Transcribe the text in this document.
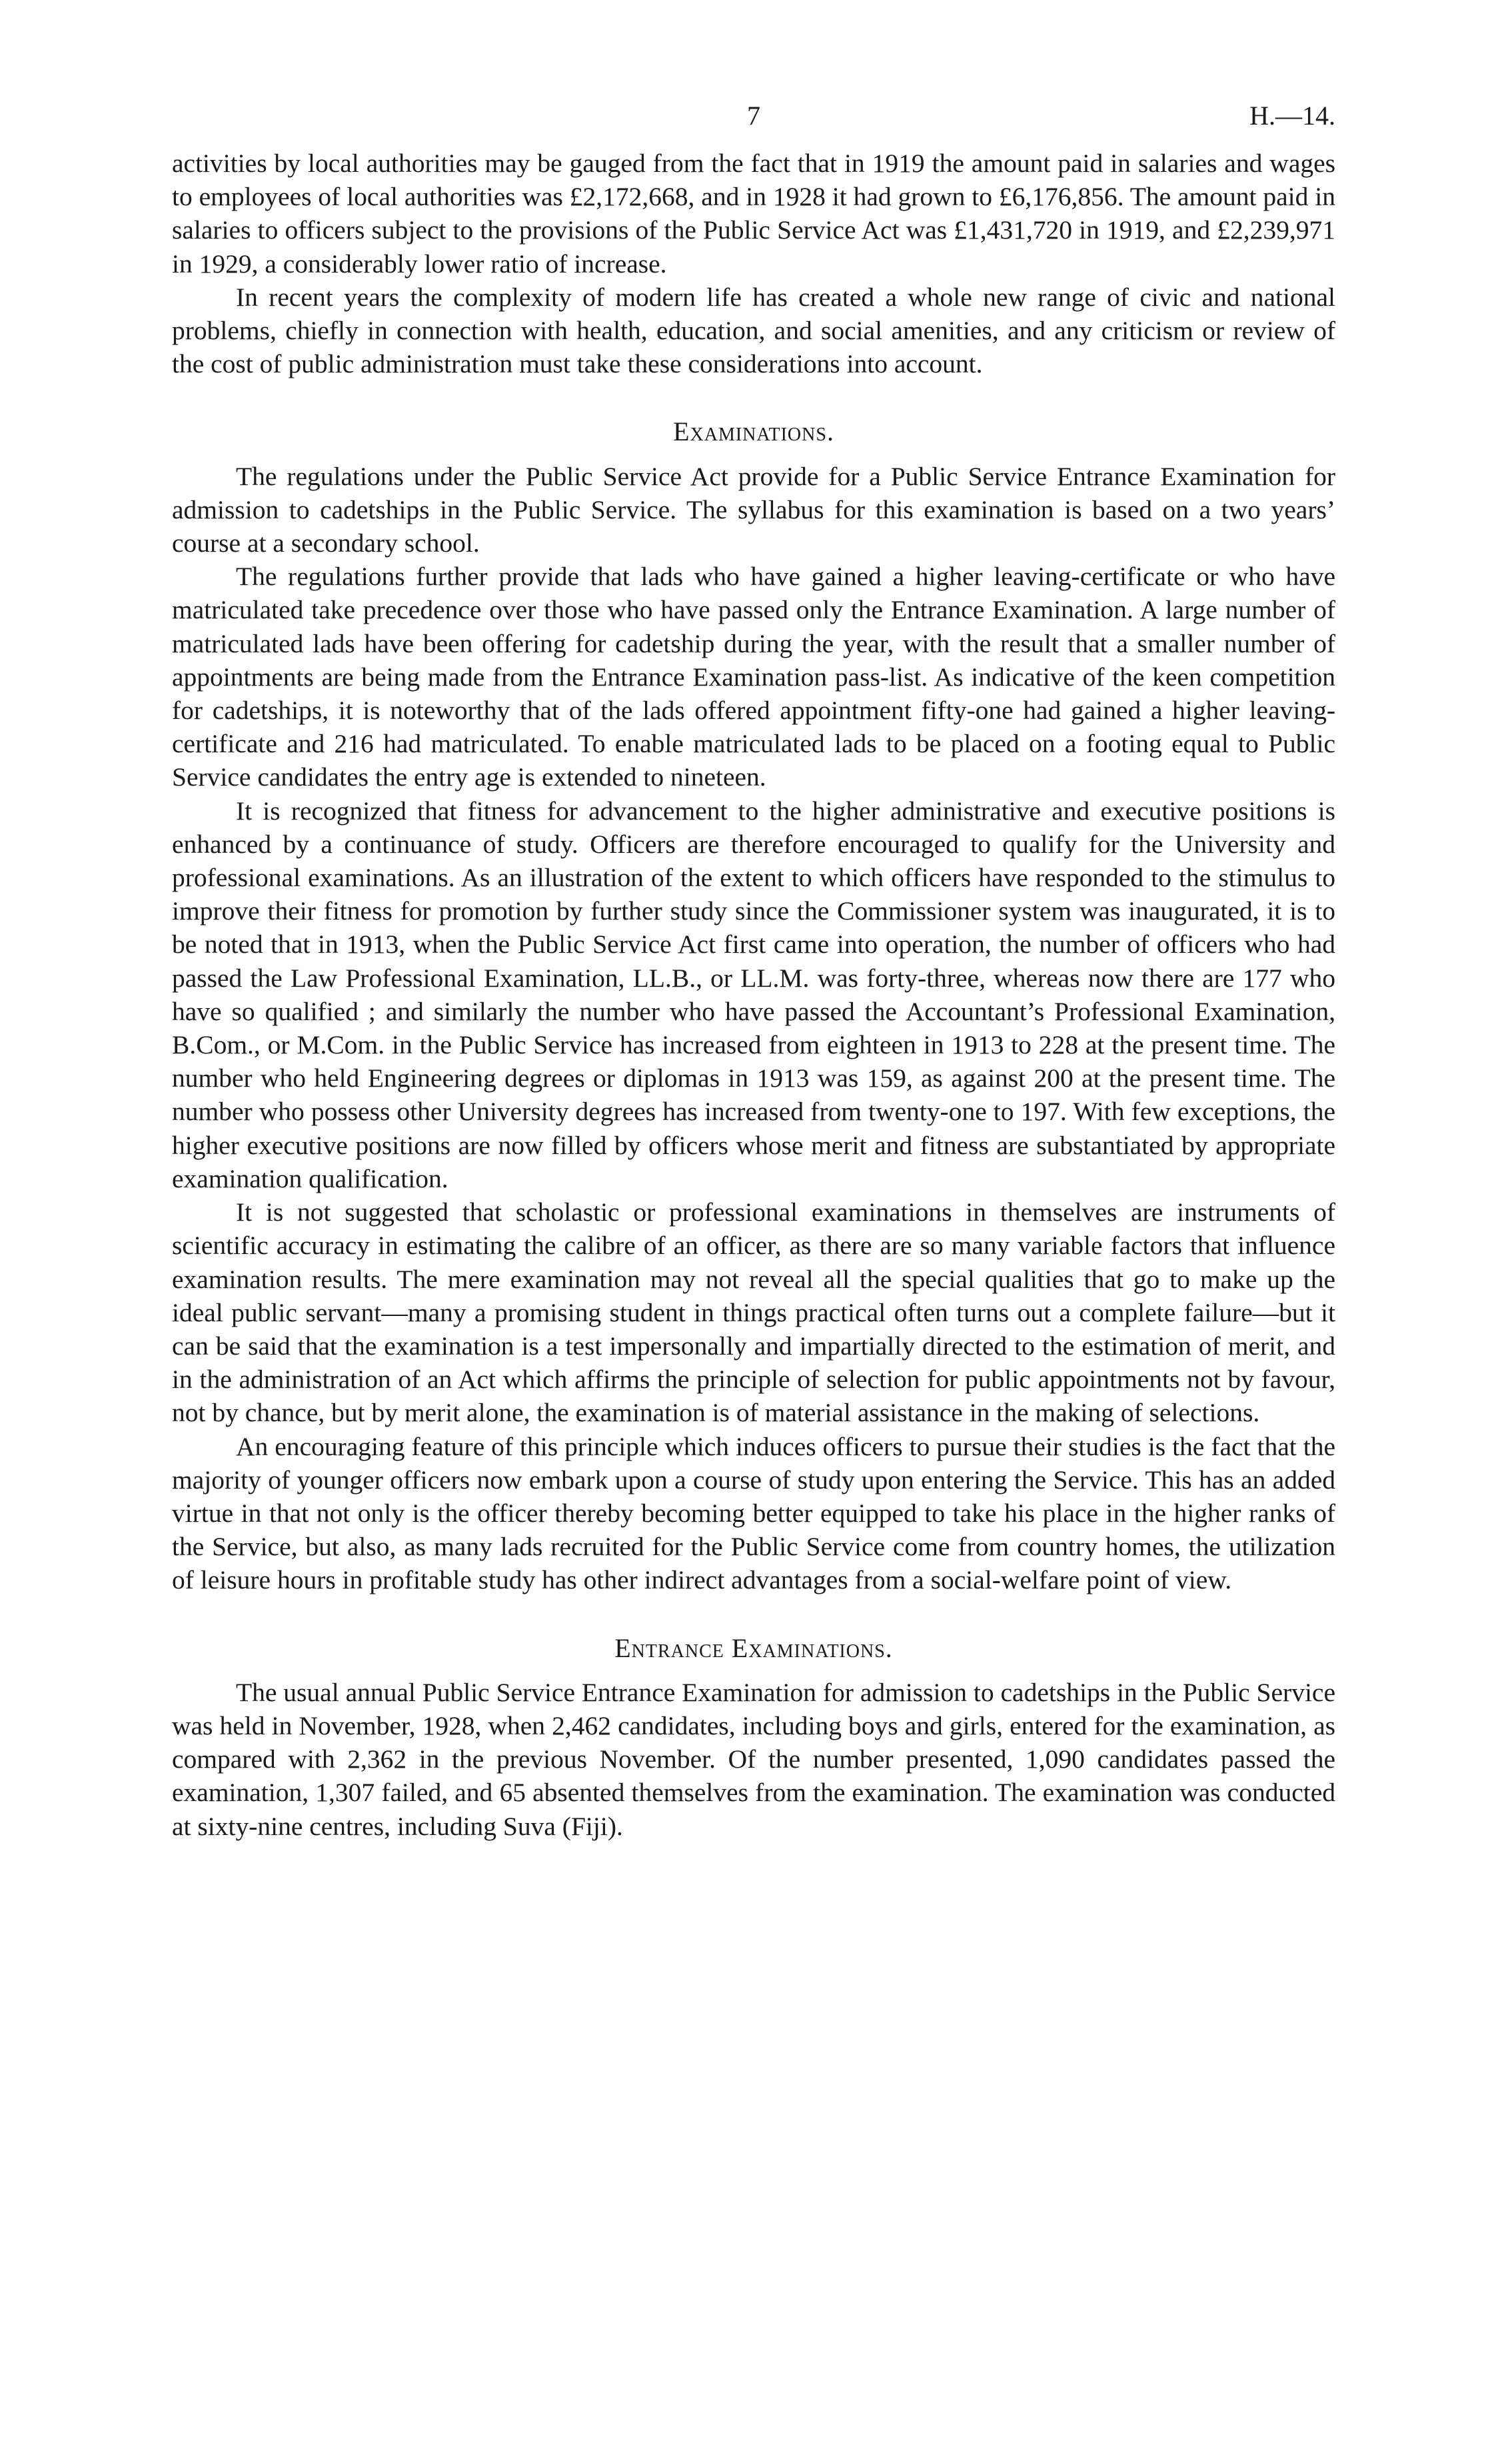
7	H.—14.

activities by local authorities may be gauged from the fact that in 1919 the amount paid in salaries and wages to employees of local authorities was £2,172,668, and in 1928 it had grown to £6,176,856. The amount paid in salaries to officers subject to the provisions of the Public Service Act was £1,431,720 in 1919, and £2,239,971 in 1929, a considerably lower ratio of increase.

In recent years the complexity of modern life has created a whole new range of civic and national problems, chiefly in connection with health, education, and social amenities, and any criticism or review of the cost of public administration must take these considerations into account.

Examinations.

The regulations under the Public Service Act provide for a Public Service Entrance Examination for admission to cadetships in the Public Service. The syllabus for this examination is based on a two years’ course at a secondary school.

The regulations further provide that lads who have gained a higher leaving-certificate or who have matriculated take precedence over those who have passed only the Entrance Examination. A large number of matriculated lads have been offering for cadetship during the year, with the result that a smaller number of appointments are being made from the Entrance Examination pass-list. As indicative of the keen competition for cadetships, it is noteworthy that of the lads offered appointment fifty-one had gained a higher leaving-certificate and 216 had matriculated. To enable matriculated lads to be placed on a footing equal to Public Service candidates the entry age is extended to nineteen.

It is recognized that fitness for advancement to the higher administrative and executive positions is enhanced by a continuance of study. Officers are therefore encouraged to qualify for the University and professional examinations. As an illustration of the extent to which officers have responded to the stimulus to improve their fitness for promotion by further study since the Commissioner system was inaugurated, it is to be noted that in 1913, when the Public Service Act first came into operation, the number of officers who had passed the Law Professional Examination, LL.B., or LL.M. was forty-three, whereas now there are 177 who have so qualified ; and similarly the number who have passed the Accountant’s Professional Examination, B.Com., or M.Com. in the Public Service has increased from eighteen in 1913 to 228 at the present time. The number who held Engineering degrees or diplomas in 1913 was 159, as against 200 at the present time. The number who possess other University degrees has increased from twenty-one to 197. With few exceptions, the higher executive positions are now filled by officers whose merit and fitness are substantiated by appropriate examination qualification.

It is not suggested that scholastic or professional examinations in themselves are instruments of scientific accuracy in estimating the calibre of an officer, as there are so many variable factors that influence examination results. The mere examination may not reveal all the special qualities that go to make up the ideal public servant—many a promising student in things practical often turns out a complete failure—but it can be said that the examination is a test impersonally and impartially directed to the estimation of merit, and in the administration of an Act which affirms the principle of selection for public appointments not by favour, not by chance, but by merit alone, the examination is of material assistance in the making of selections.

An encouraging feature of this principle which induces officers to pursue their studies is the fact that the majority of younger officers now embark upon a course of study upon entering the Service. This has an added virtue in that not only is the officer thereby becoming better equipped to take his place in the higher ranks of the Service, but also, as many lads recruited for the Public Service come from country homes, the utilization of leisure hours in profitable study has other indirect advantages from a social-welfare point of view.

Entrance Examinations.

The usual annual Public Service Entrance Examination for admission to cadetships in the Public Service was held in November, 1928, when 2,462 candidates, including boys and girls, entered for the examination, as compared with 2,362 in the previous November. Of the number presented, 1,090 candidates passed the examination, 1,307 failed, and 65 absented themselves from the examination. The examination was conducted at sixty-nine centres, including Suva (Fiji).
